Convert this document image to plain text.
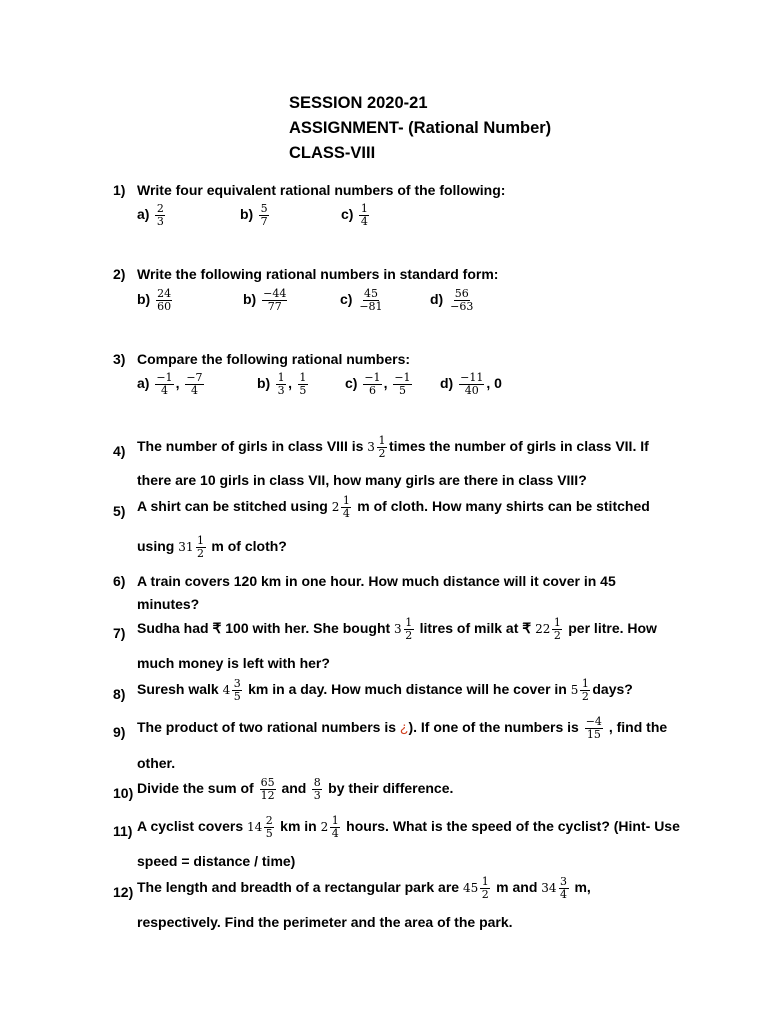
SESSION 2020-21
ASSIGNMENT- (Rational Number)
CLASS-VIII
1) Write four equivalent rational numbers of the following:
$a) \frac{2}{3}$	$b) \frac{5}{7}$	$c) \frac{1}{4}$
2) Write the following rational numbers in standard form:
$b) \frac{24}{60}$	$b) \frac{-44}{77}$	$c) \frac{45}{-81}$	$d) \frac{56}{-63}$
3) Compare the following rational numbers:
$a) \frac{-1}{4}$ , $\frac{-7}{4}$	$b) \frac{1}{3}$ , $\frac{1}{5}$	$c) \frac{-1}{6}$ , $\frac{-1}{5} d) \frac{-11}{40}$ , 0
4) The number of girls in class VIII is $3 \frac{1}{2}$ times the number of girls in class VII. If
there are 10 girls in class VII, how many girls are there in class VIII?
5) A shirt can be stitched using $2 \frac{1}{4}$ m of cloth. How many shirts can be stitched
using $31 \frac{1}{2}$ m of cloth?
6) A train covers 120 km in one hour. How much distance will it cover in 45
minutes?
7) Sudha had ₹ 100 with her. She bought $3 \frac{1}{2}$ litres of milk at ₹ $22 \frac{1}{2}$ per litre. How
much money is left with her?
8) Suresh walk $4 \frac{3}{5}$ km in a day. How much distance will he cover in $5 \frac{1}{2}$ days?
9) The product of two rational numbers is ¿). If one of the numbers is $\frac{-4}{15}$ , find the
other.
10) Divide the sum of $\frac{65}{12}$ and $\frac{8}{3}$ by their difference.
11) A cyclist covers $14 \frac{2}{5}$ km in $2 \frac{1}{4}$ hours. What is the speed of the cyclist? (Hint- Use
speed = distance / time)
12) The length and breadth of a rectangular park are $45 \frac{1}{2}$ m and $34 \frac{3}{4} m$,
respectively. Find the perimeter and the area of the park.
